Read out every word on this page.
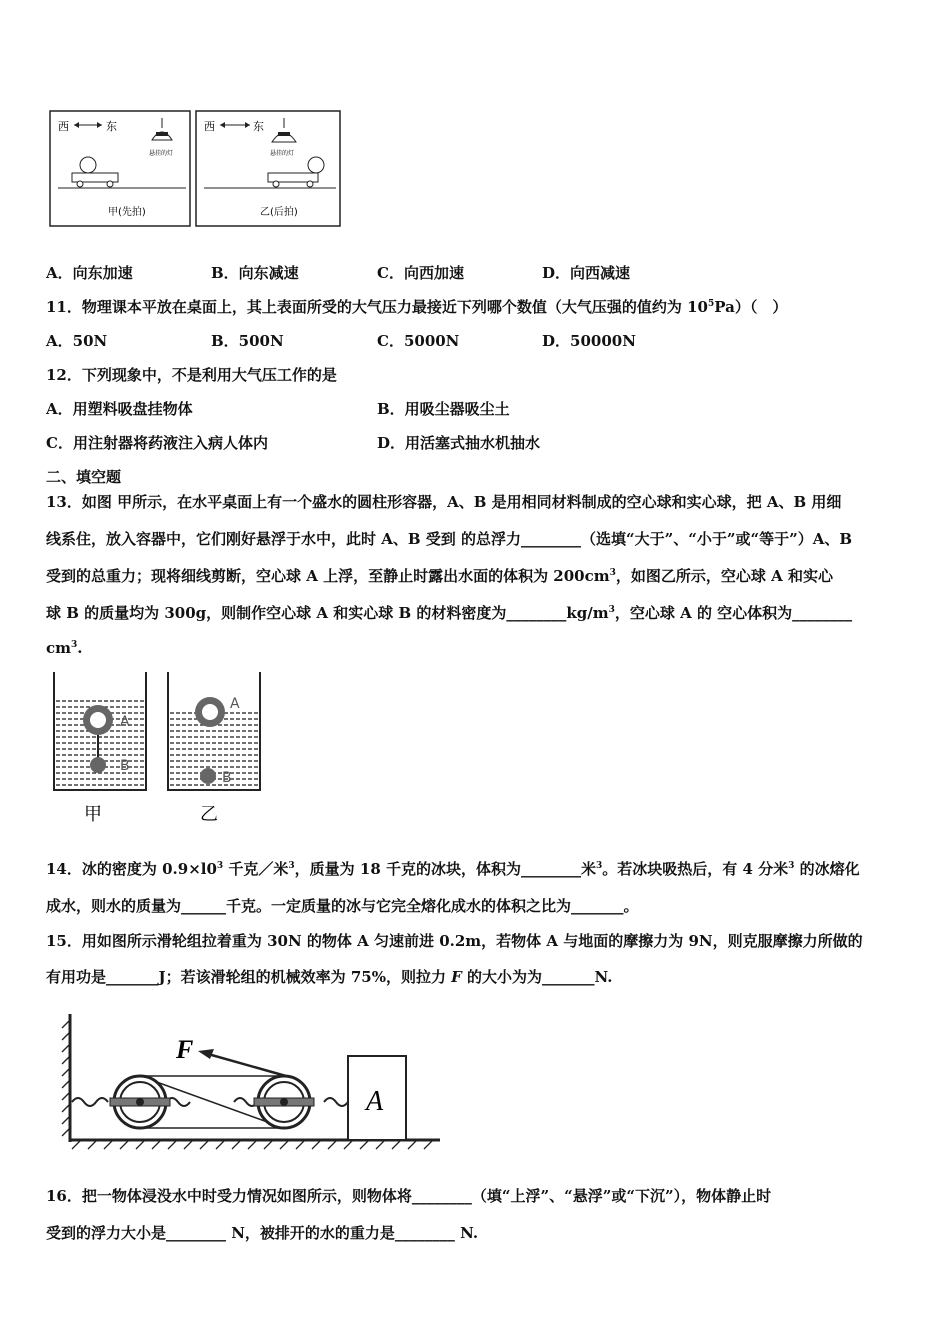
西	东
悬挂的灯
甲(先拍)
西	东
悬挂的灯
乙(后拍)
A．向东加速	B．向东减速	C．向西加速	D．向西减速
11．物理课本平放在桌面上，其上表面所受的大气压力最接近下列哪个数值（大气压强的值约为 $10^5Pa$）（　）
A．50N	B．500N	C．5000N	D．50000N
12．下列现象中，不是利用大气压工作的是
A．用塑料吸盘挂物体	B．用吸尘器吸尘土
C．用注射器将药液注入病人体内	D．用活塞式抽水机抽水
二、填空题
13．如图 甲所示，在水平桌面上有一个盛水的圆柱形容器，A、B 是用相同材料制成的空心球和实心球，把 A、B 用细
线系住，放入容器中，它们刚好悬浮于水中，此时 A、B 受到 的总浮力________（选填“大于”、“小于”或“等于”）A、B
受到的总重力；现将细线剪断，空心球 A 上浮，至静止时露出水面的体积为 $200cm^3$，如图乙所示，空心球 A 和实心
球 B 的质量均为 300g，则制作空心球 A 和实心球 B 的材料密度为$\_\_\_\_\_\_\_\_kg/m^3$，空心球 A 的 空心体积为________
$cm^3$.
A
B
甲
A
B
乙
14．冰的密度为 $0.9\times l0^3$ 千克／米$^3$，质量为 18 千克的冰块，体积为________米$^3$。若冰块吸热后，有 4 分米$^3$ 的冰熔化
成水，则水的质量为______千克。一定质量的冰与它完全熔化成水的体积之比为_______。
15．用如图所示滑轮组拉着重为 30N 的物体 A 匀速前进 0.2m，若物体 A 与地面的摩擦力为 9N，则克服摩擦力所做的
有用功是_______J；若该滑轮组的机械效率为 75%，则拉力 F 的大小为为_______N.
F
A
16．把一物体浸没水中时受力情况如图所示，则物体将________（填“上浮”、“悬浮”或“下沉”），物体静止时
受到的浮力大小是________ N，被排开的水的重力是________ N.
